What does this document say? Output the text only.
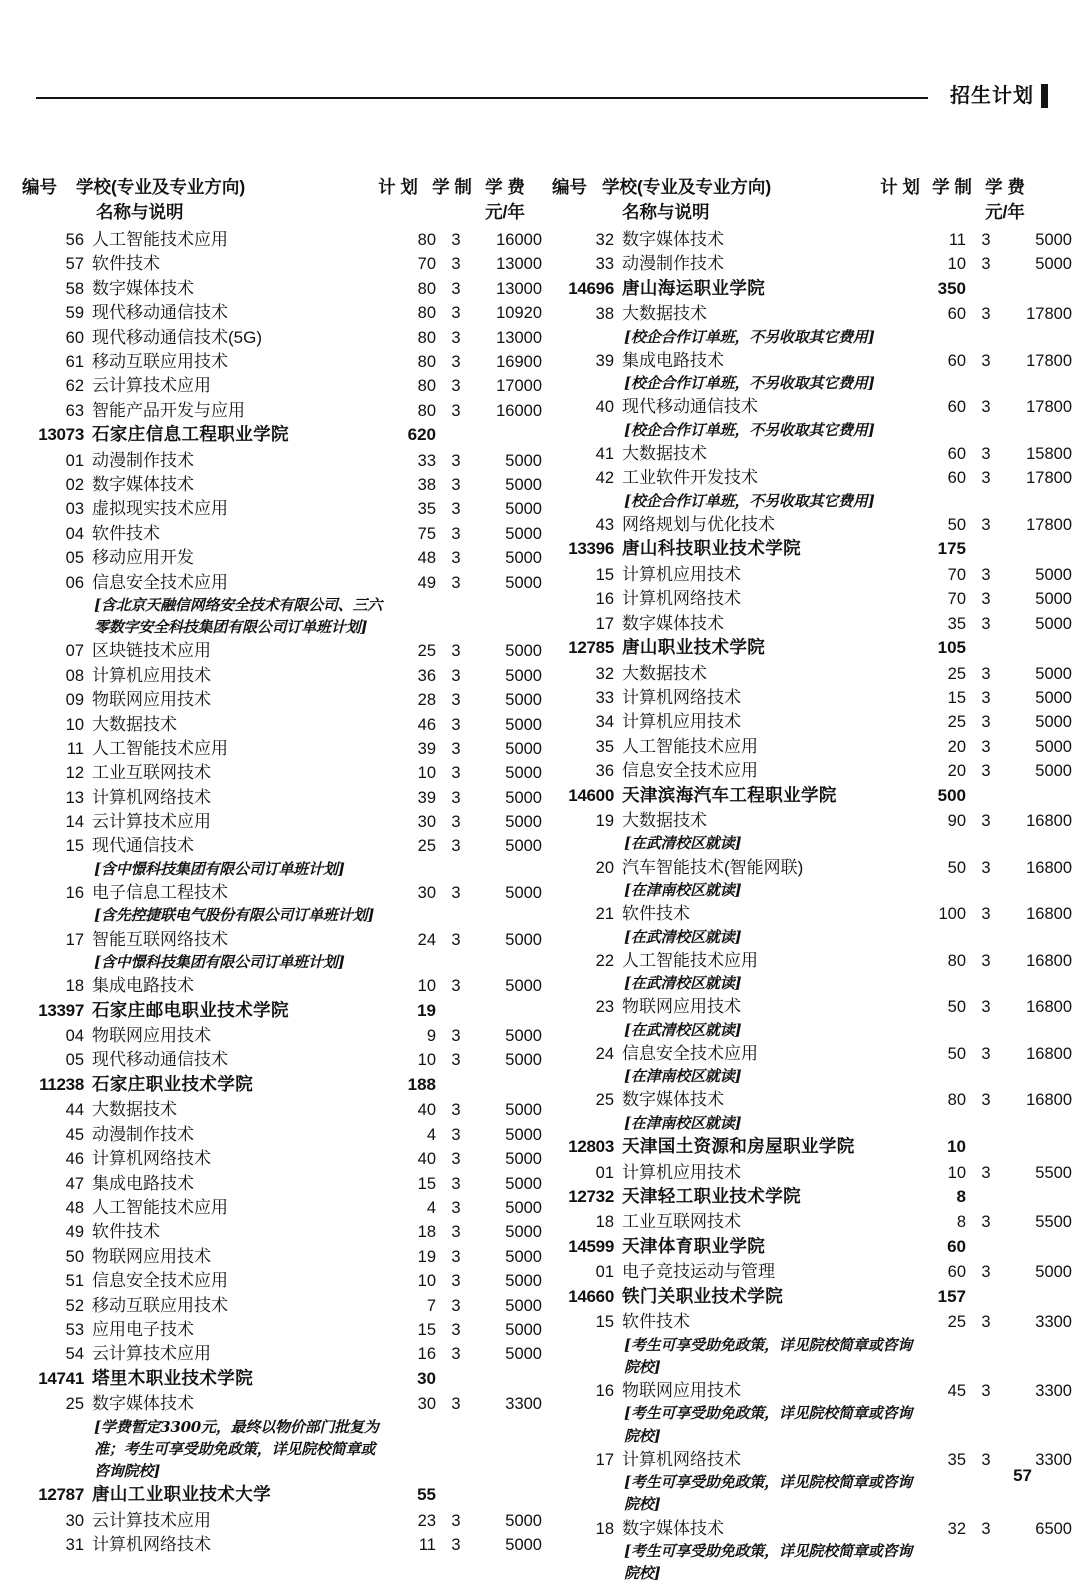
招生计划
编号 学校(专业及专业方向)
名称与说明
计 划 学 制 学 费
元/年
编号 学校(专业及专业方向)
名称与说明
计 划 学 制 学 费
元/年
56 人工智能技术应用	80 3	16000
57 软件技术	70 3	13000
58 数字媒体技术	80 3	13000
59 现代移动通信技术	80 3	10920
60 现代移动通信技术(5G)	80 3	13000
61 移动互联应用技术	80 3	16900
62 云计算技术应用	80 3	17000
63 智能产品开发与应用	80 3	16000
13073 石家庄信息工程职业学院	620
01 动漫制作技术	33 3	5000
02 数字媒体技术	38 3	5000
03 虚拟现实技术应用	35 3	5000
04 软件技术	75 3	5000
05 移动应用开发	48 3	5000
06 信息安全技术应用	49 3	5000
[含北京天融信网络安全技术有限公司、三六
零数字安全科技集团有限公司订单班计划]
07 区块链技术应用	25 3	5000
08 计算机应用技术	36 3	5000
09 物联网应用技术	28 3	5000
10 大数据技术	46 3	5000
11 人工智能技术应用	39 3	5000
12 工业互联网技术	10 3	5000
13 计算机网络技术	39 3	5000
14 云计算技术应用	30 3	5000
15 现代通信技术	25 3	5000
[含中憬科技集团有限公司订单班计划]
16 电子信息工程技术	30 3	5000
[含先控捷联电气股份有限公司订单班计划]
17 智能互联网络技术	24 3	5000
[含中憬科技集团有限公司订单班计划]
18 集成电路技术	10 3	5000
13397 石家庄邮电职业技术学院	19
04 物联网应用技术	9 3	5000
05 现代移动通信技术	10 3	5000
11238 石家庄职业技术学院	188
44 大数据技术	40 3	5000
45 动漫制作技术	4 3	5000
46 计算机网络技术	40 3	5000
47 集成电路技术	15 3	5000
48 人工智能技术应用	4 3	5000
49 软件技术	18 3	5000
50 物联网应用技术	19 3	5000
51 信息安全技术应用	10 3	5000
52 移动互联应用技术	7 3	5000
53 应用电子技术	15 3	5000
54 云计算技术应用	16 3	5000
14741 塔里木职业技术学院	30
25 数字媒体技术	30 3	3300
[学费暂定3300元，最终以物价部门批复为
准；考生可享受助免政策，详见院校简章或
咨询院校]
12787 唐山工业职业技术大学	55
30 云计算技术应用	23 3	5000
31 计算机网络技术	11 3	5000
32 数字媒体技术	11 3	5000
33 动漫制作技术	10 3	5000
14696 唐山海运职业学院	350
38 大数据技术	60 3	17800
[校企合作订单班，不另收取其它费用]
39 集成电路技术	60 3	17800
[校企合作订单班，不另收取其它费用]
40 现代移动通信技术	60 3	17800
[校企合作订单班，不另收取其它费用]
41 大数据技术	60 3	15800
42 工业软件开发技术	60 3	17800
[校企合作订单班，不另收取其它费用]
43 网络规划与优化技术	50 3	17800
13396 唐山科技职业技术学院	175
15 计算机应用技术	70 3	5000
16 计算机网络技术	70 3	5000
17 数字媒体技术	35 3	5000
12785 唐山职业技术学院	105
32 大数据技术	25 3	5000
33 计算机网络技术	15 3	5000
34 计算机应用技术	25 3	5000
35 人工智能技术应用	20 3	5000
36 信息安全技术应用	20 3	5000
14600 天津滨海汽车工程职业学院	500
19 大数据技术	90 3	16800
[在武清校区就读]
20 汽车智能技术(智能网联)	50 3	16800
[在津南校区就读]
21 软件技术	100 3	16800
[在武清校区就读]
22 人工智能技术应用	80 3	16800
[在武清校区就读]
23 物联网应用技术	50 3	16800
[在武清校区就读]
24 信息安全技术应用	50 3	16800
[在津南校区就读]
25 数字媒体技术	80 3	16800
[在津南校区就读]
12803 天津国土资源和房屋职业学院	10
01 计算机应用技术	10 3	5500
12732 天津轻工职业技术学院	8
18 工业互联网技术	8 3	5500
14599 天津体育职业学院	60
01 电子竞技运动与管理	60 3	5000
14660 铁门关职业技术学院	157
15 软件技术	25 3	3300
[考生可享受助免政策，详见院校简章或咨询
院校]
16 物联网应用技术	45 3	3300
[考生可享受助免政策，详见院校简章或咨询
院校]
17 计算机网络技术	35 3	3300
[考生可享受助免政策，详见院校简章或咨询
院校]
18 数字媒体技术	32 3	6500
[考生可享受助免政策，详见院校简章或咨询
院校]
57
